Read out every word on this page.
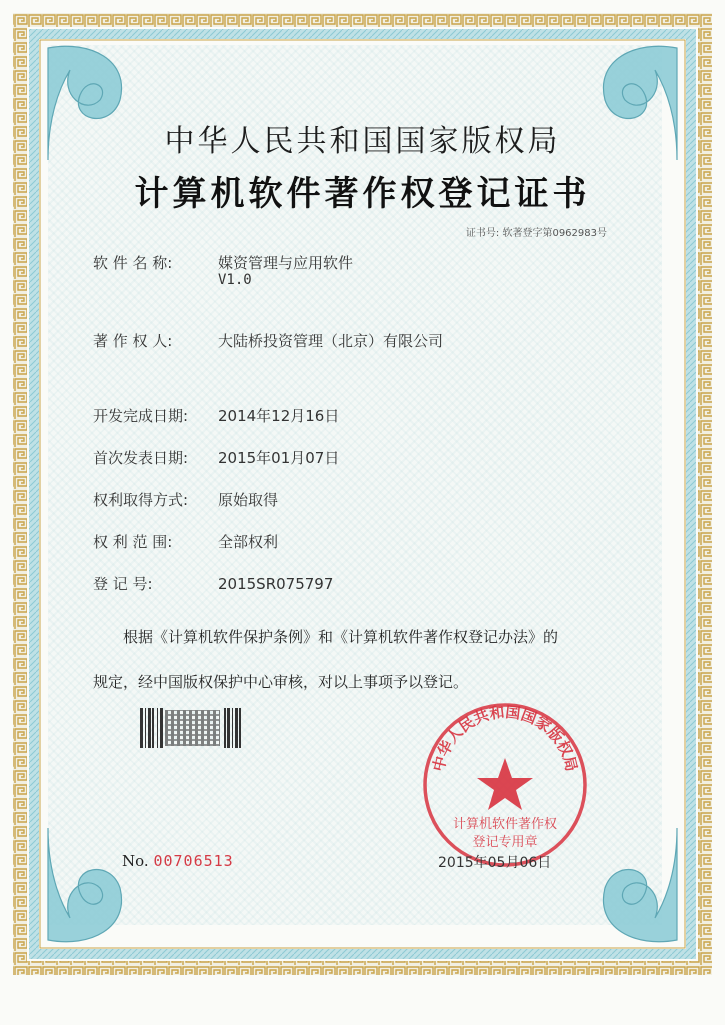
中华人民共和国国家版权局
计算机软件著作权登记证书
证书号: 软著登字第0962983号
软 件 名 称:	媒资管理与应用软件
V1.0
著 作 权 人:	大陆桥投资管理（北京）有限公司
开发完成日期: 2014年12月16日
首次发表日期: 2015年01月07日
权利取得方式: 原始取得
权 利 范 围:	全部权利
登 记 号:	2015SR075797
根据《计算机软件保护条例》和《计算机软件著作权登记办法》的
规定，经中国版权保护中心审核，对以上事项予以登记。
中华人民共和国国家版权局
计算机软件著作权
登记专用章
No. 00706513	2015年05月06日
